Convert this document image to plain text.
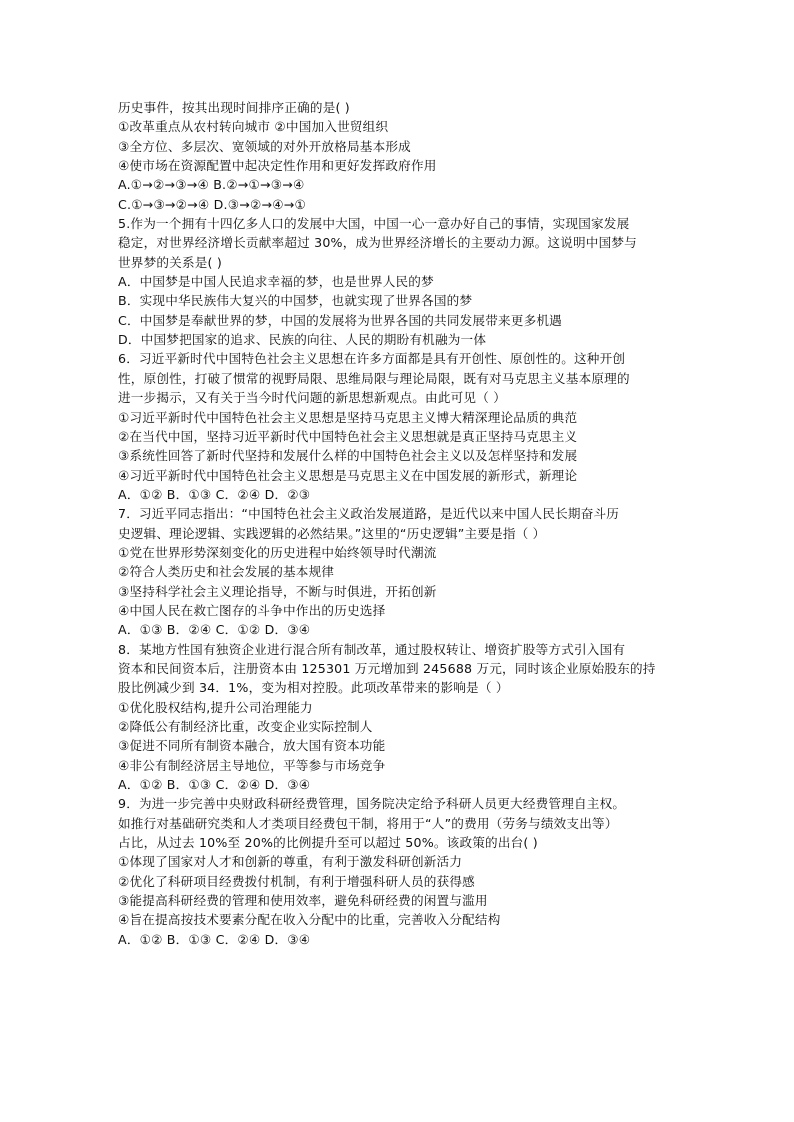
历史事件，按其出现时间排序正确的是( )
①改革重点从农村转向城市 ②中国加入世贸组织
③全方位、多层次、宽领域的对外开放格局基本形成
④使市场在资源配置中起决定性作用和更好发挥政府作用
A.①→②→③→④ B.②→①→③→④
C.①→③→②→④ D.③→②→④→①
5.作为一个拥有十四亿多人口的发展中大国，中国一心一意办好自己的事情，实现国家发展
稳定，对世界经济增长贡献率超过 30%，成为世界经济增长的主要动力源。这说明中国梦与
世界梦的关系是( )
A．中国梦是中国人民追求幸福的梦，也是世界人民的梦
B．实现中华民族伟大复兴的中国梦，也就实现了世界各国的梦
C．中国梦是奉献世界的梦，中国的发展将为世界各国的共同发展带来更多机遇
D．中国梦把国家的追求、民族的向往、人民的期盼有机融为一体
6．习近平新时代中国特色社会主义思想在许多方面都是具有开创性、原创性的。这种开创
性，原创性，打破了惯常的视野局限、思维局限与理论局限，既有对马克思主义基本原理的
进一步揭示，又有关于当今时代问题的新思想新观点。由此可见（ ）
①习近平新时代中国特色社会主义思想是坚持马克思主义博大精深理论品质的典范
②在当代中国，坚持习近平新时代中国特色社会主义思想就是真正坚持马克思主义
③系统性回答了新时代坚持和发展什么样的中国特色社会主义以及怎样坚持和发展
④习近平新时代中国特色社会主义思想是马克思主义在中国发展的新形式，新理论
A．①② B．①③ C．②④ D．②③
7．习近平同志指出：“中国特色社会主义政治发展道路，是近代以来中国人民长期奋斗历
史逻辑、理论逻辑、实践逻辑的必然结果。”这里的“历史逻辑”主要是指（ ）
①党在世界形势深刻变化的历史进程中始终领导时代潮流
②符合人类历史和社会发展的基本规律
③坚持科学社会主义理论指导，不断与时俱进，开拓创新
④中国人民在救亡图存的斗争中作出的历史选择
A．①③ B．②④ C．①② D．③④
8．某地方性国有独资企业进行混合所有制改革，通过股权转让、增资扩股等方式引入国有
资本和民间资本后，注册资本由 125301 万元增加到 245688 万元，同时该企业原始股东的持
股比例减少到 34．1%，变为相对控股。此项改革带来的影响是（ ）
①优化股权结构,提升公司治理能力
②降低公有制经济比重，改变企业实际控制人
③促进不同所有制资本融合，放大国有资本功能
④非公有制经济居主导地位，平等参与市场竞争
A．①② B．①③ C．②④ D．③④
9．为进一步完善中央财政科研经费管理，国务院决定给予科研人员更大经费管理自主权。
如推行对基础研究类和人才类项目经费包干制，将用于“人”的费用（劳务与绩效支出等）
占比，从过去 10%至 20%的比例提升至可以超过 50%。该政策的出台( )
①体现了国家对人才和创新的尊重，有利于激发科研创新活力
②优化了科研项目经费拨付机制，有利于增强科研人员的获得感
③能提高科研经费的管理和使用效率，避免科研经费的闲置与滥用
④旨在提高按技术要素分配在收入分配中的比重，完善收入分配结构
A．①② B．①③ C．②④ D．③④
